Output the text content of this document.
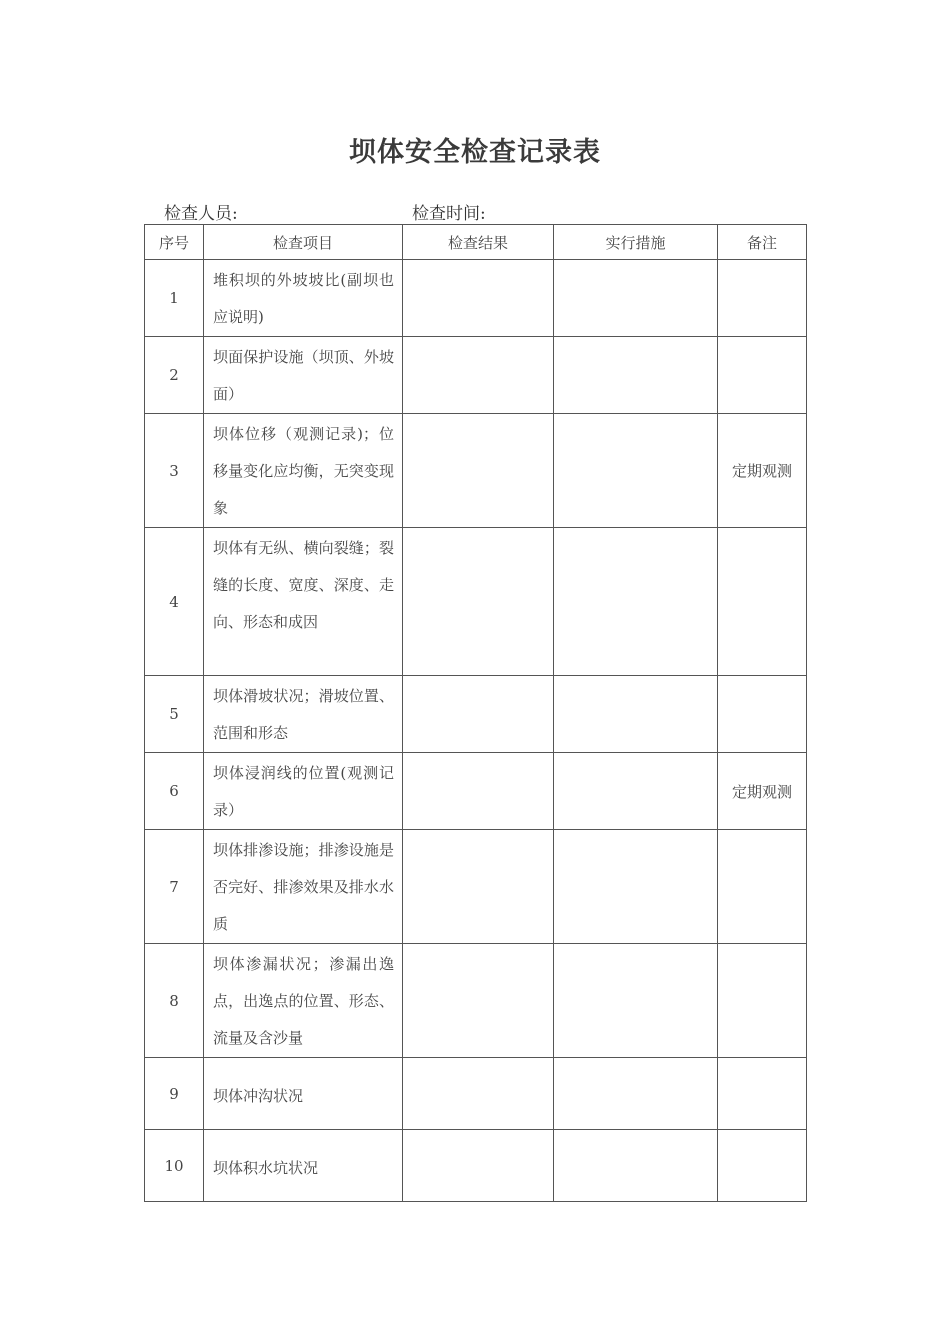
坝体安全检查记录表
检查人员:	检查时间:
序号	检查项目	检查结果	实行措施	备注
1	堆积坝的外坡坡比(副坝也应说明)			
2	坝面保护设施（坝顶、外坡面）			
3	坝体位移（观测记录)；位移量变化应均衡，无突变现象			定期观测
4	坝体有无纵、横向裂缝；裂缝的长度、宽度、深度、走向、形态和成因			
5	坝体滑坡状况；滑坡位置、范围和形态			
6	坝体浸润线的位置(观测记录）			定期观测
7	坝体排渗设施；排渗设施是否完好、排渗效果及排水水质			
8	坝体渗漏状况；渗漏出逸点，出逸点的位置、形态、流量及含沙量			
9	坝体冲沟状况			
10	坝体积水坑状况			
